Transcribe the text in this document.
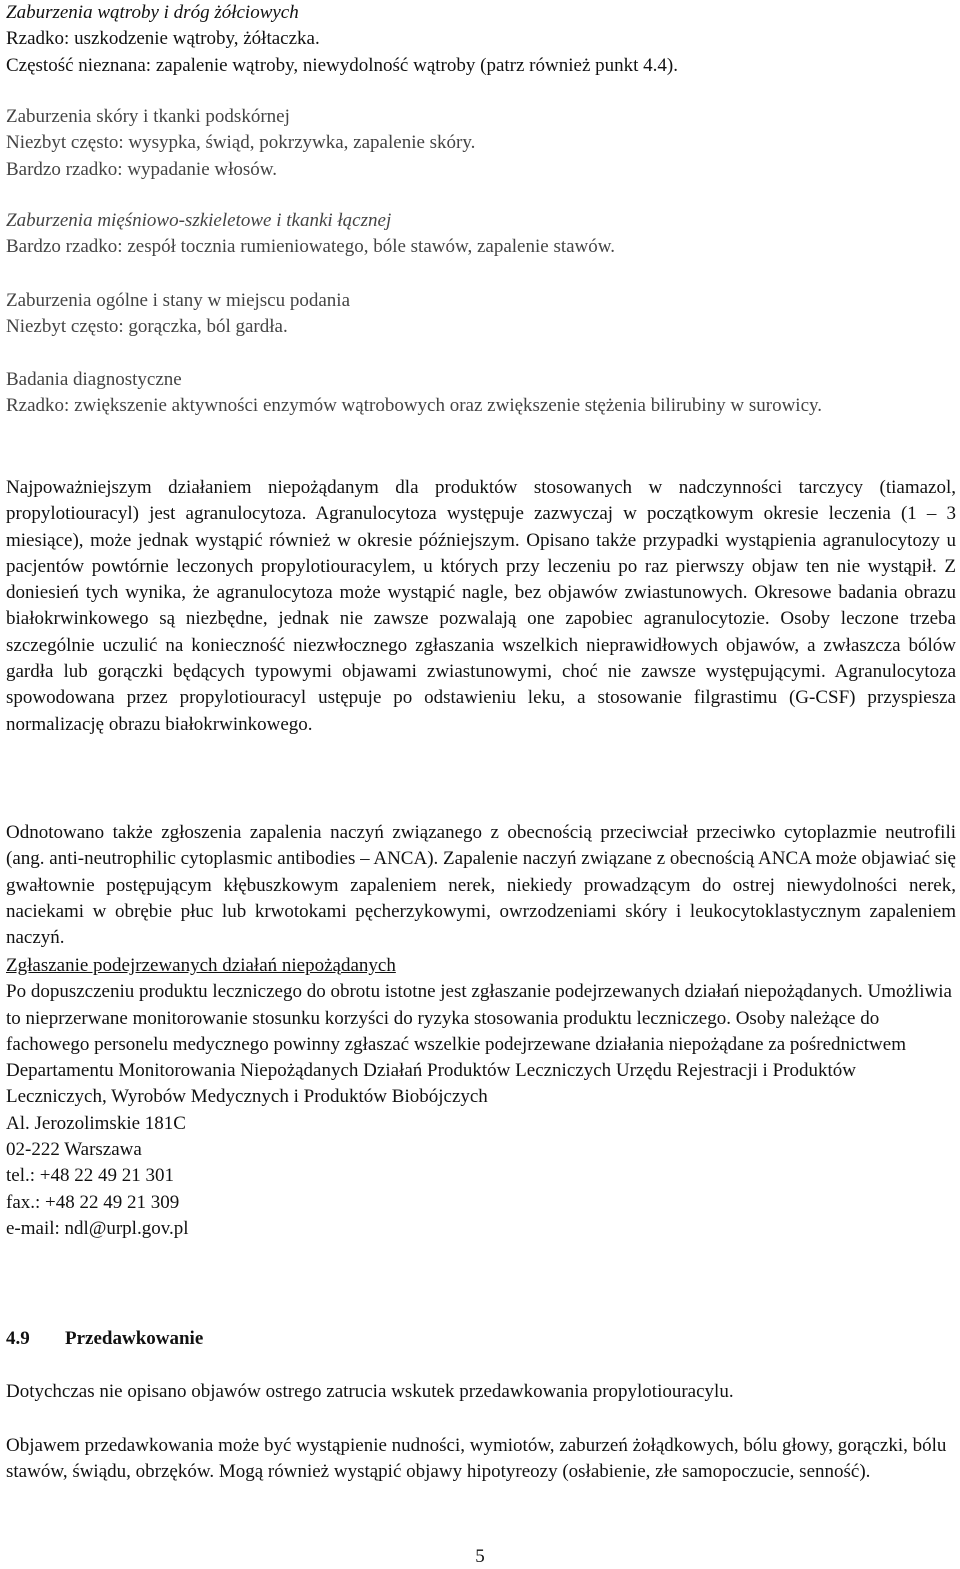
Zaburzenia wątroby i dróg żółciowych
Rzadko: uszkodzenie wątroby, żółtaczka.
Częstość nieznana: zapalenie wątroby, niewydolność wątroby (patrz również punkt 4.4).
Zaburzenia skóry i tkanki podskórnej
Niezbyt często: wysypka, świąd, pokrzywka, zapalenie skóry.
Bardzo rzadko: wypadanie włosów.
Zaburzenia mięśniowo-szkieletowe i tkanki łącznej
Bardzo rzadko: zespół tocznia rumieniowatego, bóle stawów, zapalenie stawów.
Zaburzenia ogólne i stany w miejscu podania
Niezbyt często: gorączka, ból gardła.
Badania diagnostyczne

Rzadko: zwiększenie aktywności enzymów wątrobowych oraz zwiększenie stężenia bilirubiny w surowicy.

Najpoważniejszym działaniem niepożądanym dla produktów stosowanych w nadczynności tarczycy (tiamazol, propylotiouracyl) jest agranulocytoza. Agranulocytoza występuje zazwyczaj w początkowym okresie leczenia (1 – 3 miesiące), może jednak wystąpić również w okresie późniejszym. Opisano także przypadki wystąpienia agranulocytozy u pacjentów powtórnie leczonych propylotiouracylem, u których przy leczeniu po raz pierwszy objaw ten nie wystąpił. Z doniesień tych wynika, że agranulocytoza może wystąpić nagle, bez objawów zwiastunowych. Okresowe badania obrazu białokrwinkowego są niezbędne, jednak nie zawsze pozwalają one zapobiec agranulocytozie. Osoby leczone trzeba szczególnie uczulić na konieczność niezwłocznego zgłaszania wszelkich nieprawidłowych objawów, a zwłaszcza bólów gardła lub gorączki będących typowymi objawami zwiastunowymi, choć nie zawsze występującymi. Agranulocytoza spowodowana przez propylotiouracyl ustępuje po odstawieniu leku, a stosowanie filgrastimu (G-CSF) przyspiesza normalizację obrazu białokrwinkowego.

Odnotowano także zgłoszenia zapalenia naczyń związanego z obecnością przeciwciał przeciwko cytoplazmie neutrofili (ang. anti-neutrophilic cytoplasmic antibodies – ANCA). Zapalenie naczyń związane z obecnością ANCA może objawiać się gwałtownie postępującym kłębuszkowym zapaleniem nerek, niekiedy prowadzącym do ostrej niewydolności nerek, naciekami w obrębie płuc lub krwotokami pęcherzykowymi, owrzodzeniami skóry i leukocytoklastycznym zapaleniem naczyń.

Zgłaszanie podejrzewanych działań niepożądanych

Po dopuszczeniu produktu leczniczego do obrotu istotne jest zgłaszanie podejrzewanych działań niepożądanych. Umożliwia to nieprzerwane monitorowanie stosunku korzyści do ryzyka stosowania produktu leczniczego. Osoby należące do fachowego personelu medycznego powinny zgłaszać wszelkie podejrzewane działania niepożądane za pośrednictwem Departamentu Monitorowania Niepożądanych Działań Produktów Leczniczych Urzędu Rejestracji i Produktów Leczniczych, Wyrobów Medycznych i Produktów Biobójczych

Al. Jerozolimskie 181C
02-222 Warszawa
tel.: +48 22 49 21 301
fax.: +48 22 49 21 309
e-mail: ndl@urpl.gov.pl
4.9 Przedawkowanie

Dotychczas nie opisano objawów ostrego zatrucia wskutek przedawkowania propylotiouracylu.

Objawem przedawkowania może być wystąpienie nudności, wymiotów, zaburzeń żołądkowych, bólu głowy, gorączki, bólu stawów, świądu, obrzęków. Mogą również wystąpić objawy hipotyreozy (osłabienie, złe samopoczucie, senność).

5
